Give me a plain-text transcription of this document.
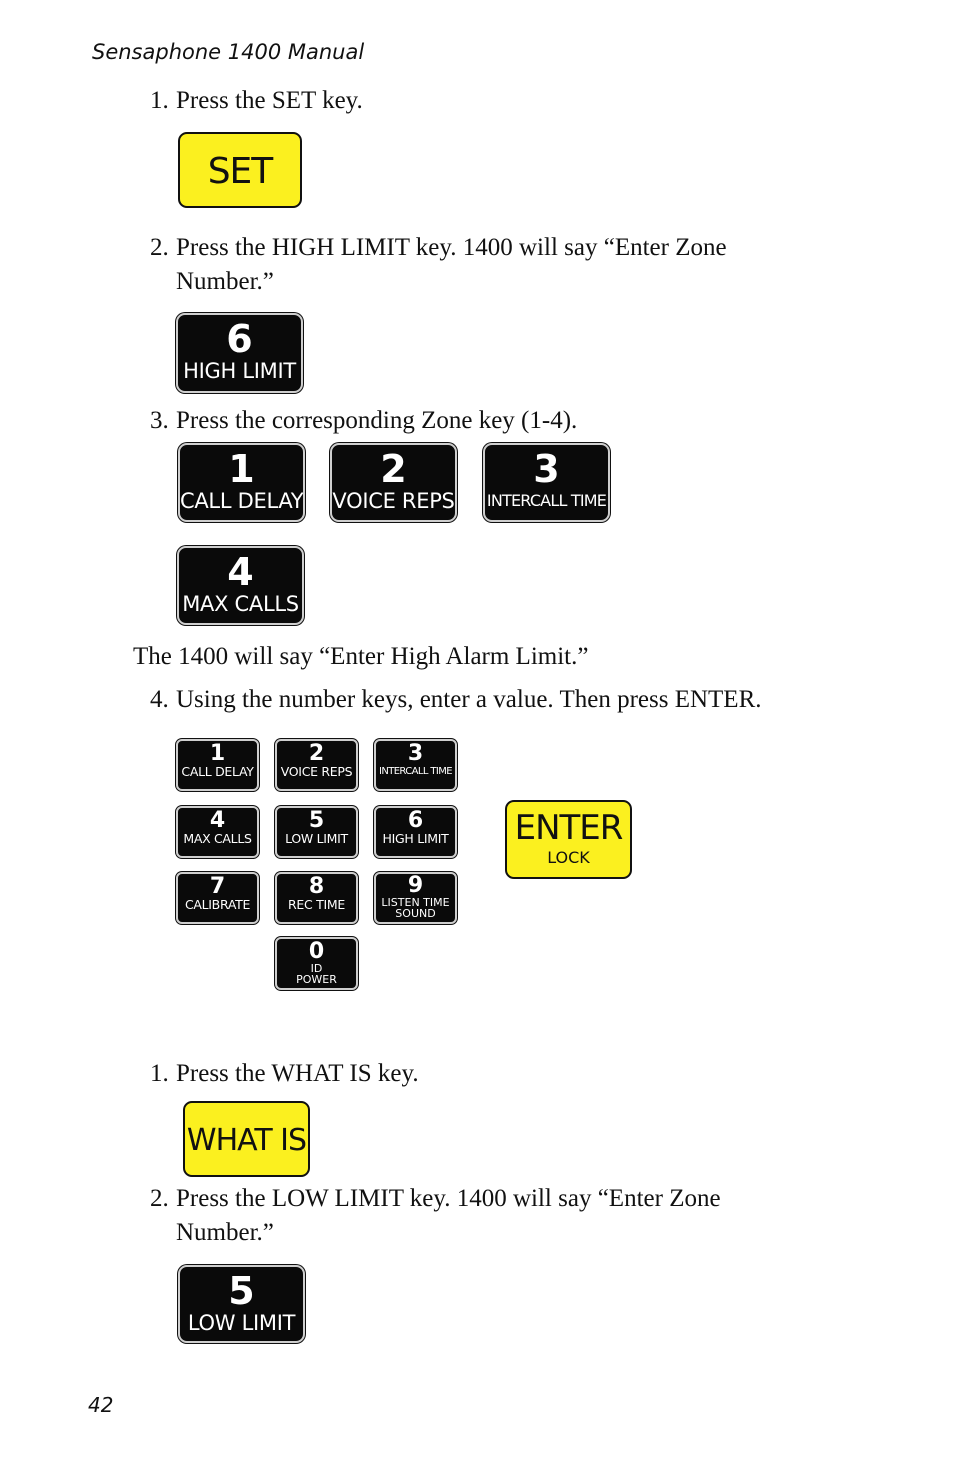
Sensaphone 1400 Manual
1. Press the SET key.
SET
2. Press the HIGH LIMIT key. 1400 will say “Enter Zone
Number.”
6
HIGH LIMIT
3. Press the corresponding Zone key (1-4).
1
CALL DELAY
2
VOICE REPS
3
INTERCALL TIME
4
MAX CALLS
The 1400 will say “Enter High Alarm Limit.”
4. Using the number keys, enter a value. Then press ENTER.
1
CALL DELAY
2
VOICE REPS
3
INTERCALL TIME
4
MAX CALLS
5
LOW LIMIT
6
HIGH LIMIT
7
CALIBRATE
8
REC TIME
9
LISTEN TIME
SOUND
0
ID
POWER
ENTER
LOCK
1. Press the WHAT IS key.
WHAT IS
2. Press the LOW LIMIT key. 1400 will say “Enter Zone
Number.”
5
LOW LIMIT
42
